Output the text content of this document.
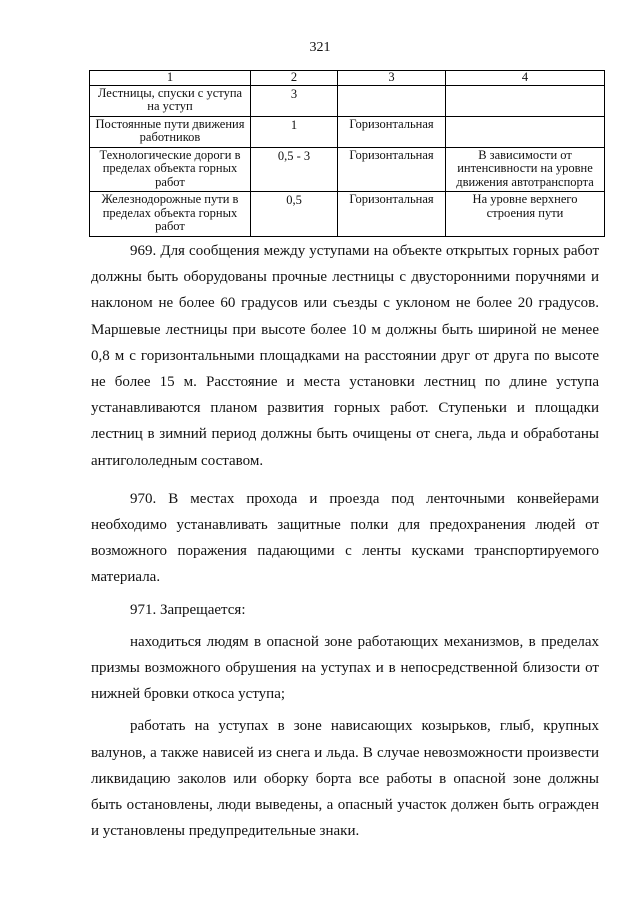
321
1	2	3	4
Лестницы, спуски с уступа на уступ	3		
Постоянные пути движения работников	1	Горизонтальная	
Технологические дороги в пределах объекта горных работ	0,5 - 3	Горизонтальная	В зависимости от интенсивности на уровне движения автотранспорта
Железнодорожные пути в пределах объекта горных работ	0,5	Горизонтальная	На уровне верхнего строения пути

969. Для сообщения между уступами на объекте открытых горных работ должны быть оборудованы прочные лестницы с двусторонними поручнями и наклоном не более 60 градусов или съезды с уклоном не более 20 градусов. Маршевые лестницы при высоте более 10 м должны быть шириной не менее 0,8 м с горизонтальными площадками на расстоянии друг от друга по высоте не более 15 м. Расстояние и места установки лестниц по длине уступа устанавливаются планом развития горных работ. Ступеньки и площадки лестниц в зимний период должны быть очищены от снега, льда и обработаны антигололедным составом.

970. В местах прохода и проезда под ленточными конвейерами необходимо устанавливать защитные полки для предохранения людей от возможного поражения падающими с ленты кусками транспортируемого материала.

971. Запрещается:

находиться людям в опасной зоне работающих механизмов, в пределах призмы возможного обрушения на уступах и в непосредственной близости от нижней бровки откоса уступа;

работать на уступах в зоне нависающих козырьков, глыб, крупных валунов, а также нависей из снега и льда. В случае невозможности произвести ликвидацию заколов или оборку борта все работы в опасной зоне должны быть остановлены, люди выведены, а опасный участок должен быть огражден и установлены предупредительные знаки.
